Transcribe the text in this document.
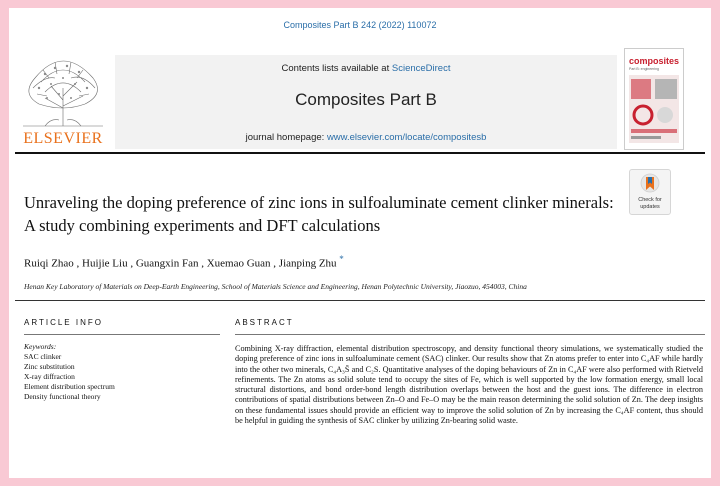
Composites Part B 242 (2022) 110072
ELSEVIER
Contents lists available at ScienceDirect
Composites Part B
journal homepage: www.elsevier.com/locate/compositesb
composites
Part B: engineering
Unraveling the doping preference of zinc ions in sulfoaluminate cement clinker minerals: A study combining experiments and DFT calculations
Check for
updates
Ruiqi Zhao , Huijie Liu , Guangxin Fan , Xuemao Guan , Jianping Zhu *
Henan Key Laboratory of Materials on Deep-Earth Engineering, School of Materials Science and Engineering, Henan Polytechnic University, Jiaozuo, 454003, China
ARTICLE INFO	ABSTRACT
Keywords:
SAC clinker
Zinc substitution
X-ray diffraction
Element distribution spectrum
Density functional theory
Combining X-ray diffraction, elemental distribution spectroscopy, and density functional theory simulations, we systematically studied the doping preference of zinc ions in sulfoaluminate cement (SAC) clinker. Our results show that Zn atoms prefer to enter into C₄AF while hardly into the other two minerals, C₄A₃S̄ and C₂S. Quantitative analyses of the doping behaviours of Zn in C₄AF were also performed with Rietveld refinements. The Zn atoms as solid solute tend to occupy the sites of Fe, which is well supported by the low formation energy, small local structural distortions, and bond order-bond length distribution overlaps between the host and the guest ions. The difference in electron contributions of spatial distributions between Zn–O and Fe–O may be the main reason determining the solid solution of Zn. The deep insights on these fundamental issues should provide an efficient way to improve the solid solution of Zn by increasing the C₄AF content, thus should be helpful in guiding the synthesis of SAC clinker by utilizing Zn-bearing solid waste.
